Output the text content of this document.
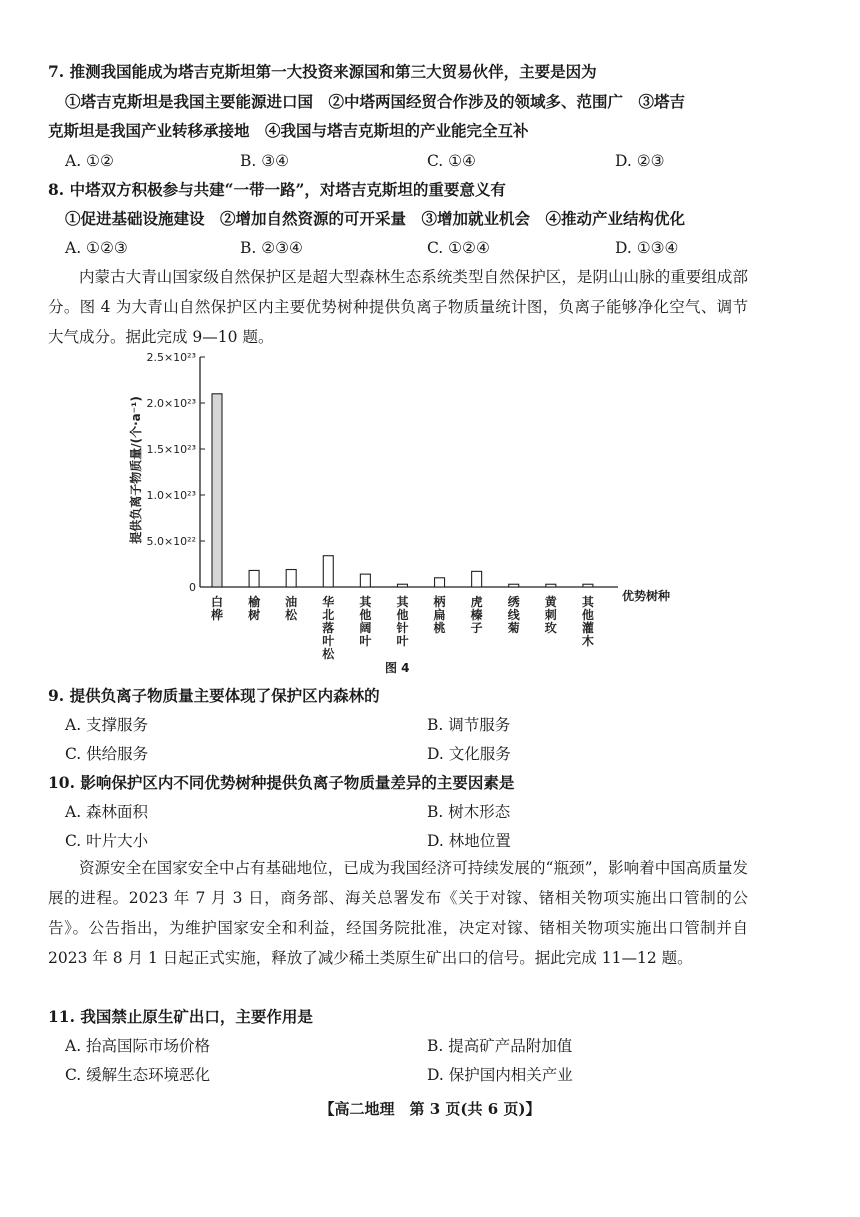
7. 推测我国能成为塔吉克斯坦第一大投资来源国和第三大贸易伙伴，主要是因为
①塔吉克斯坦是我国主要能源进口国　②中塔两国经贸合作涉及的领域多、范围广　③塔吉
克斯坦是我国产业转移承接地　④我国与塔吉克斯坦的产业能完全互补
A. ①②	B. ③④	C. ①④	D. ②③
8. 中塔双方积极参与共建“一带一路”，对塔吉克斯坦的重要意义有
①促进基础设施建设　②增加自然资源的可开采量　③增加就业机会　④推动产业结构优化
A. ①②③	B. ②③④	C. ①②④	D. ①③④
内蒙古大青山国家级自然保护区是超大型森林生态系统类型自然保护区，是阴山山脉的重要组成部分。图 4 为大青山自然保护区内主要优势树种提供负离子物质量统计图，负离子能够净化空气、调节大气成分。据此完成 9—10 题。
提供负离子物质量/(个·a⁻¹)
优势树种
0
5.0×10²²
1.0×10²³
1.5×10²³
2.0×10²³
2.5×10²³
白
桦
榆
树
油
松
华
北
落
叶
松
其
他
阔
叶
其
他
针
叶
柄
扁
桃
虎
榛
子
绣
线
菊
黄
刺
玫
其
他
灌
木
图 4
9. 提供负离子物质量主要体现了保护区内森林的
A. 支撑服务	B. 调节服务
C. 供给服务	D. 文化服务
10. 影响保护区内不同优势树种提供负离子物质量差异的主要因素是
A. 森林面积	B. 树木形态
C. 叶片大小	D. 林地位置
资源安全在国家安全中占有基础地位，已成为我国经济可持续发展的“瓶颈”，影响着中国高质量发展的进程。2023 年 7 月 3 日，商务部、海关总署发布《关于对镓、锗相关物项实施出口管制的公告》。公告指出，为维护国家安全和利益，经国务院批准，决定对镓、锗相关物项实施出口管制并自 2023 年 8 月 1 日起正式实施，释放了减少稀土类原生矿出口的信号。据此完成 11—12 题。
11. 我国禁止原生矿出口，主要作用是
A. 抬高国际市场价格	B. 提高矿产品附加值
C. 缓解生态环境恶化	D. 保护国内相关产业
【高二地理　第 3 页(共 6 页)】
